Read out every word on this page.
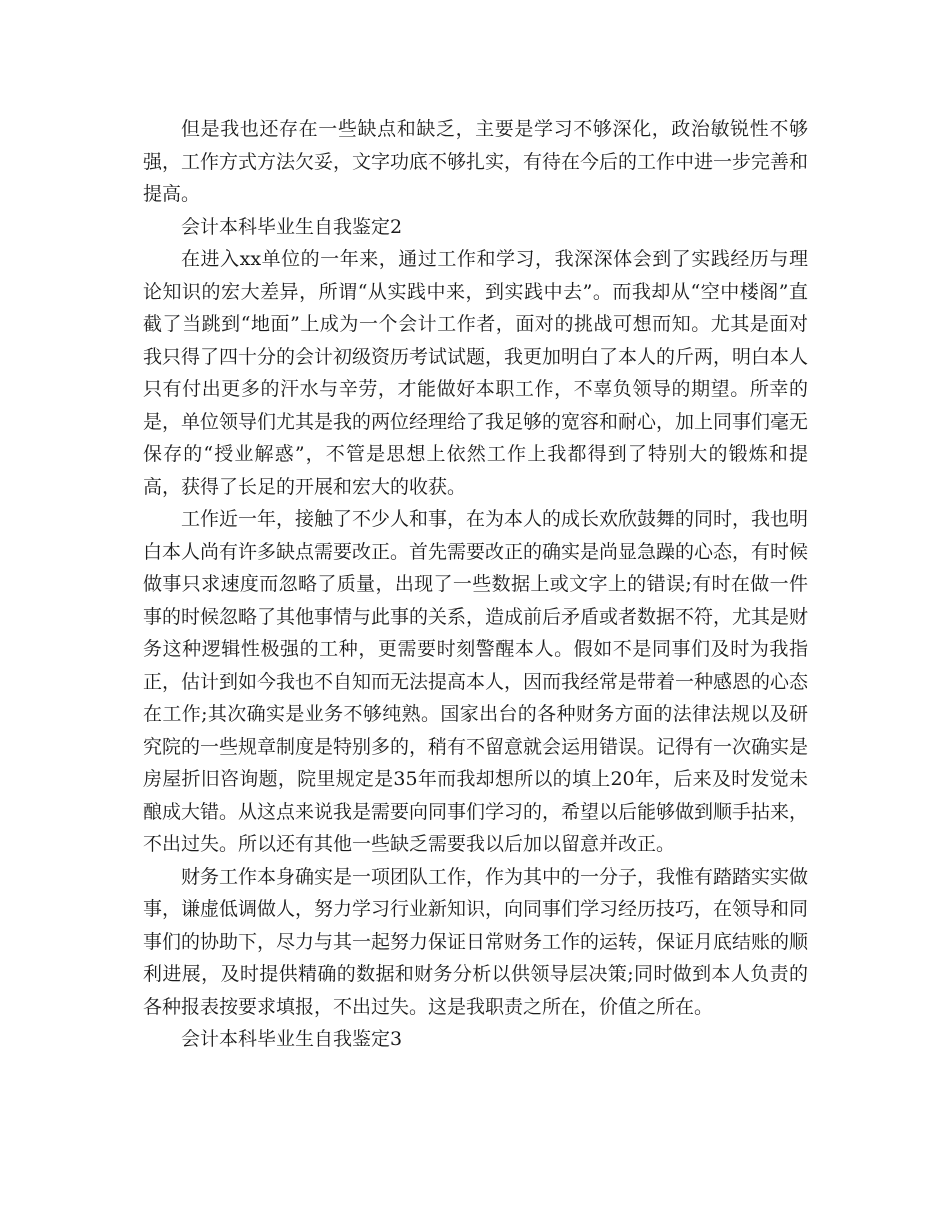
但是我也还存在一些缺点和缺乏，主要是学习不够深化，政治敏锐性不够强，工作方式方法欠妥，文字功底不够扎实，有待在今后的工作中进一步完善和提高。

会计本科毕业生自我鉴定2

在进入xx单位的一年来，通过工作和学习，我深深体会到了实践经历与理论知识的宏大差异，所谓“从实践中来，到实践中去”。而我却从“空中楼阁”直截了当跳到“地面”上成为一个会计工作者，面对的挑战可想而知。尤其是面对我只得了四十分的会计初级资历考试试题，我更加明白了本人的斤两，明白本人只有付出更多的汗水与辛劳，才能做好本职工作，不辜负领导的期望。所幸的是，单位领导们尤其是我的两位经理给了我足够的宽容和耐心，加上同事们毫无保存的“授业解惑”，不管是思想上依然工作上我都得到了特别大的锻炼和提高，获得了长足的开展和宏大的收获。

工作近一年，接触了不少人和事，在为本人的成长欢欣鼓舞的同时，我也明白本人尚有许多缺点需要改正。首先需要改正的确实是尚显急躁的心态，有时候做事只求速度而忽略了质量，出现了一些数据上或文字上的错误;有时在做一件事的时候忽略了其他事情与此事的关系，造成前后矛盾或者数据不符，尤其是财务这种逻辑性极强的工种，更需要时刻警醒本人。假如不是同事们及时为我指正，估计到如今我也不自知而无法提高本人，因而我经常是带着一种感恩的心态在工作;其次确实是业务不够纯熟。国家出台的各种财务方面的法律法规以及研究院的一些规章制度是特别多的，稍有不留意就会运用错误。记得有一次确实是房屋折旧咨询题，院里规定是35年而我却想所以的填上20年，后来及时发觉未酿成大错。从这点来说我是需要向同事们学习的，希望以后能够做到顺手拈来，不出过失。所以还有其他一些缺乏需要我以后加以留意并改正。

财务工作本身确实是一项团队工作，作为其中的一分子，我惟有踏踏实实做事，谦虚低调做人，努力学习行业新知识，向同事们学习经历技巧，在领导和同事们的协助下，尽力与其一起努力保证日常财务工作的运转，保证月底结账的顺利进展，及时提供精确的数据和财务分析以供领导层决策;同时做到本人负责的各种报表按要求填报，不出过失。这是我职责之所在，价值之所在。

会计本科毕业生自我鉴定3
